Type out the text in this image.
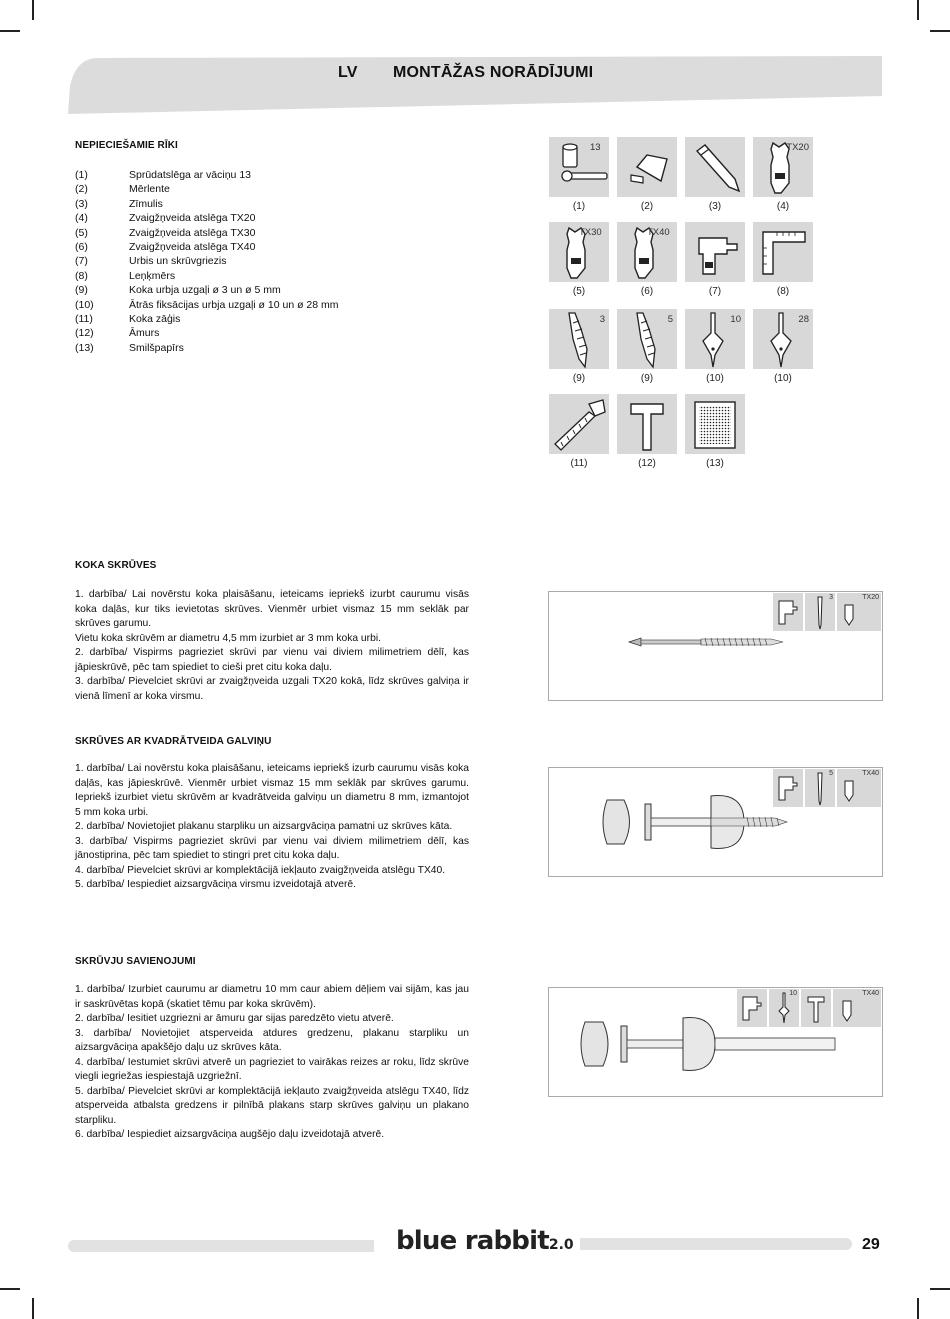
LV MONTĀŽAS NORĀDĪJUMI
NEPIECIEŠAMIE RĪKI
(1)	Sprūdatslēga ar vāciņu 13
(2)	Mērlente
(3)	Zīmulis
(4)	Zvaigžņveida atslēga TX20
(5)	Zvaigžņveida atslēga TX30
(6)	Zvaigžņveida atslēga TX40
(7)	Urbis un skrūvgriezis
(8)	Leņķmērs
(9)	Koka urbja uzgaļi ø 3 un ø 5 mm
(10)	Ātrās fiksācijas urbja uzgaļi ø 10 un ø 28 mm
(11)	Koka zāģis
(12)	Āmurs
(13)	Smilšpapīrs
13
(1)	(2)	(3)
TX20
(4)
TX30
(5)
TX40
(6)	(7)	(8)
3
(9)
5
(9)
10
(10)
28
(10)
(11)	(12)	(13)
KOKA SKRŪVES

1. darbība/ Lai novērstu koka plaisāšanu, ieteicams iepriekš izurbt caurumu visās koka daļās, kur tiks ievietotas skrūves. Vienmēr urbiet vismaz 15 mm seklāk par skrūves garumu.

Vietu koka skrūvēm ar diametru 4,5 mm izurbiet ar 3 mm koka urbi.

2. darbība/ Vispirms pagrieziet skrūvi par vienu vai diviem milimetriem dēlī, kas jāpieskrūvē, pēc tam spiediet to cieši pret citu koka daļu.

3. darbība/ Pievelciet skrūvi ar zvaigžņveida uzgali TX20 kokā, līdz skrūves galviņa ir vienā līmenī ar koka virsmu.

3	TX20
SKRŪVES AR KVADRĀTVEIDA GALVIŅU

1. darbība/ Lai novērstu koka plaisāšanu, ieteicams iepriekš izurb caurumu visās koka daļās, kas jāpieskrūvē. Vienmēr urbiet vismaz 15 mm seklāk par skrūves garumu. Iepriekš izurbiet vietu skrūvēm ar kvadrātveida galviņu un diametru 8 mm, izmantojot 5 mm koka urbi.

2. darbība/ Novietojiet plakanu starpliku un aizsargvāciņa pamatni uz skrūves kāta.

3. darbība/ Vispirms pagrieziet skrūvi par vienu vai diviem milimetriem dēlī, kas jānostiprina, pēc tam spiediet to stingri pret citu koka daļu.

4. darbība/ Pievelciet skrūvi ar komplektācijā iekļauto zvaigžņveida atslēgu TX40.

5. darbība/ Iespiediet aizsargvāciņa virsmu izveidotajā atverē.

5	TX40
SKRŪVJU SAVIENOJUMI

1. darbība/ Izurbiet caurumu ar diametru 10 mm caur abiem dēļiem vai sijām, kas jau ir saskrūvētas kopā (skatiet tēmu par koka skrūvēm).

2. darbība/ Iesitiet uzgriezni ar āmuru gar sijas paredzēto vietu atverē.

3. darbība/ Novietojiet atsperveida atdures gredzenu, plakanu starpliku un aizsargvāciņa apakšējo daļu uz skrūves kāta.

4. darbība/ Iestumiet skrūvi atverē un pagrieziet to vairākas reizes ar roku, līdz skrūve viegli iegriežas iespiestajā uzgriežnī.

5. darbība/ Pievelciet skrūvi ar komplektācijā iekļauto zvaigžņveida atslēgu TX40, līdz atsperveida atbalsta gredzens ir pilnībā plakans starp skrūves galviņu un plakano starpliku.

6. darbība/ Iespiediet aizsargvāciņa augšējo daļu izveidotajā atverē.

10	TX40
blue rabbit2.0	29
